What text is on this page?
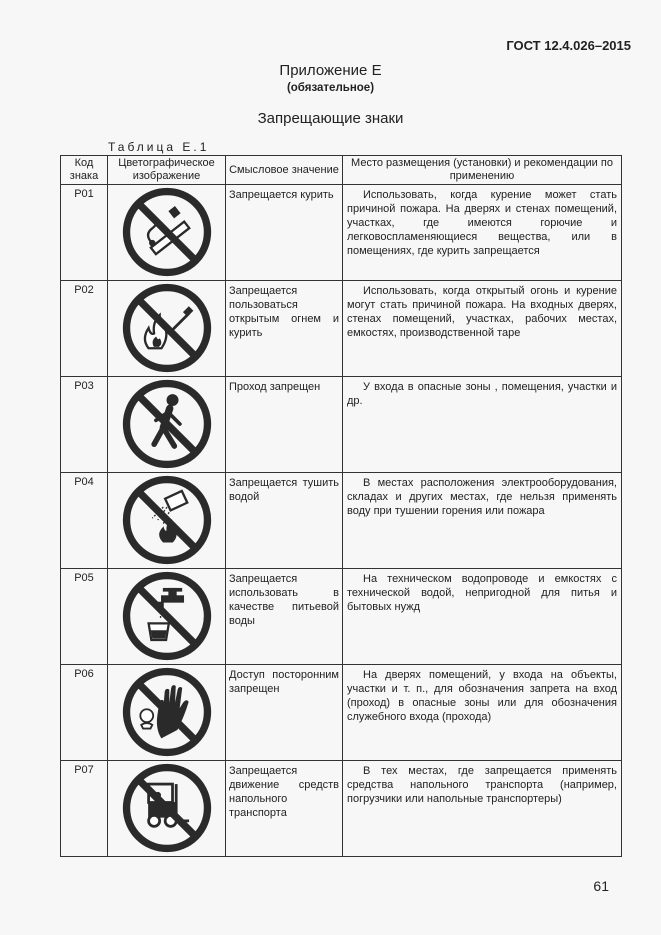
ГОСТ 12.4.026–2015
Приложение Е
(обязательное)
Запрещающие знаки
Таблица Е.1
Код знака	Цветографическое изображение	Смысловое значение	Место размещения (установки) и рекомендации по применению
P01		Запрещается курить	Использовать, когда курение может стать причиной пожара. На дверях и стенах помещений, участках, где имеются горючие и легковоспламеняющиеся вещества, или в помещениях, где курить запрещается
P02		Запрещается пользоваться открытым огнем и курить	Использовать, когда открытый огонь и курение могут стать причиной пожара. На входных дверях, стенах помещений, участках, рабочих местах, емкостях, производственной таре
P03		Проход запрещен	У входа в опасные зоны , помещения, участки и др.
P04		Запрещается тушить водой	В местах расположения электрооборудования, складах и других местах, где нельзя применять воду при тушении горения или пожара
P05		Запрещается использовать в качестве питьевой воды	На техническом водопроводе и емкостях с технической водой, непригодной для питья и бытовых нужд
P06		Доступ посторонним запрещен	На дверях помещений, у входа на объекты, участки и т. п., для обозначения запрета на вход (проход) в опасные зоны или для обозначения служебного входа (прохода)
P07		Запрещается движение средств напольного транспорта	В тех местах, где запрещается применять средства напольного транспорта (например, погрузчики или напольные транспортеры)
61
